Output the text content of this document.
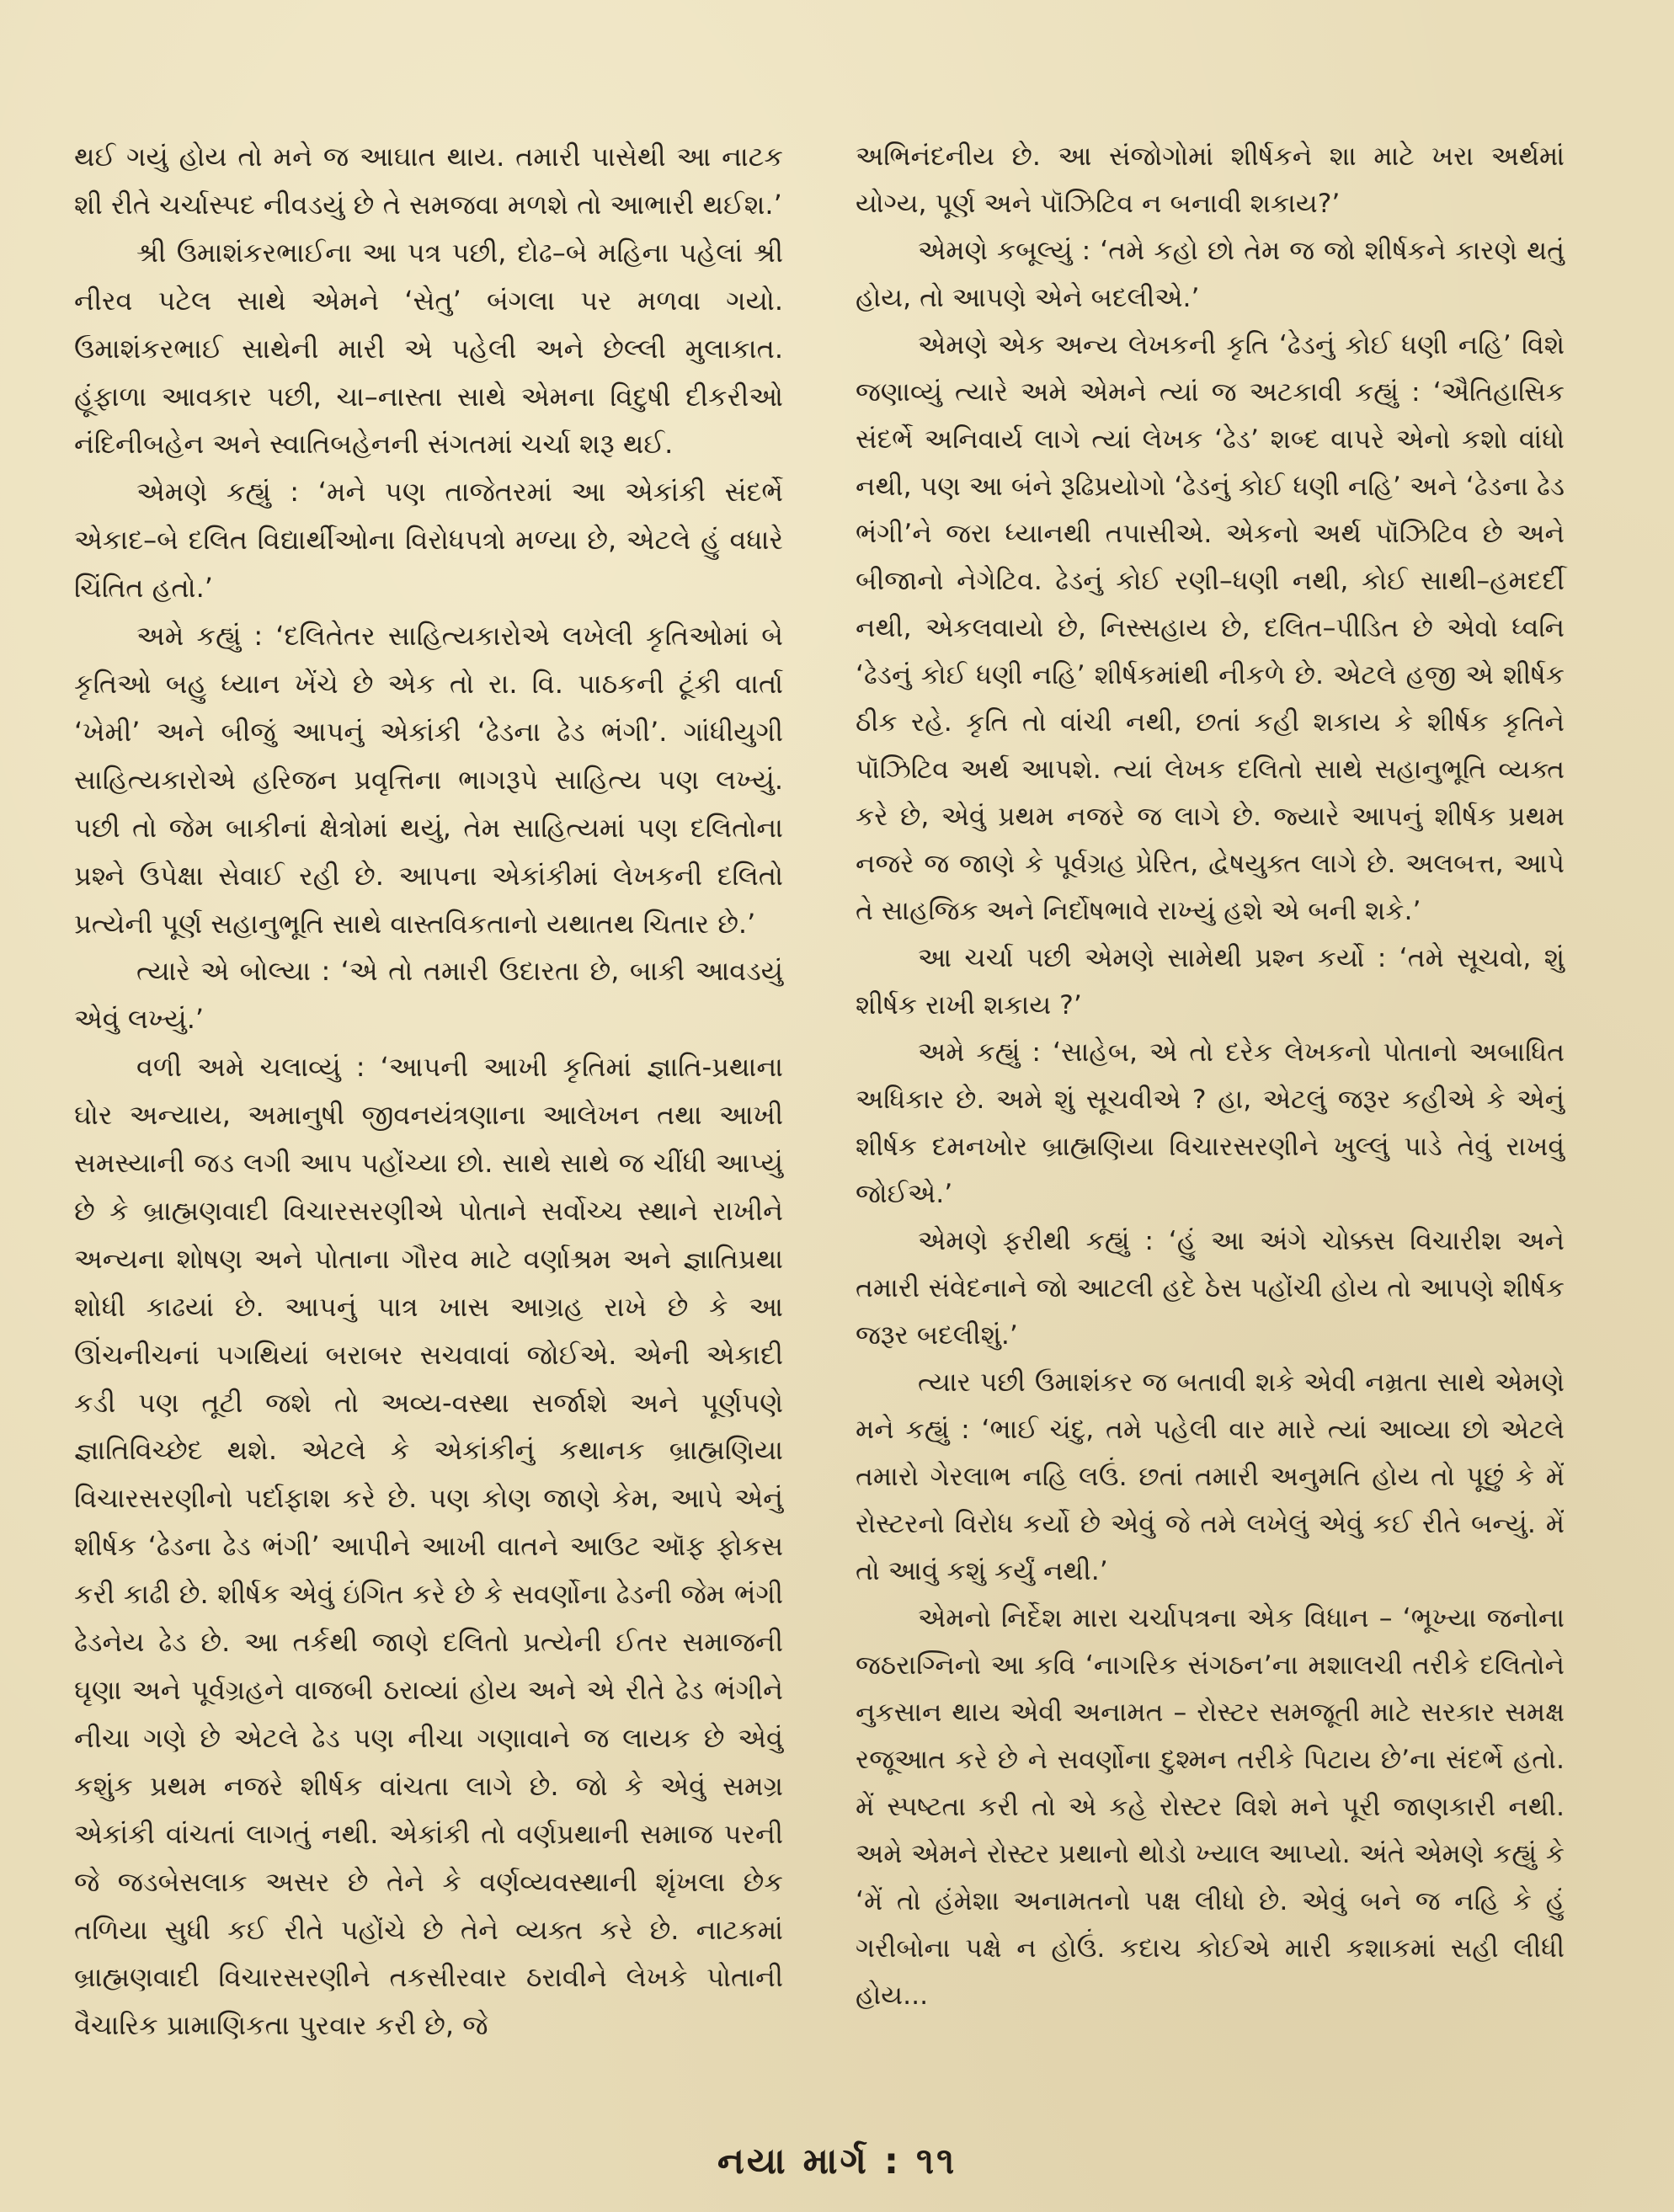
થઈ ગયું હોય તો મને જ આઘાત થાય. તમારી પાસેથી આ નાટક શી રીતે ચર્ચાસ્પદ નીવડયું છે તે સમજવા મળશે તો આભારી થઈશ.’

શ્રી ઉમાશંકરભાઈના આ પત્ર પછી, દોઢ–બે મહિના પહેલાં શ્રી નીરવ પટેલ સાથે એમને ‘સેતુ’ બંગલા પર મળવા ગયો. ઉમાશંકરભાઈ સાથેની મારી એ પહેલી અને છેલ્લી મુલાકાત. હૂંફાળા આવકાર પછી, ચા–નાસ્તા સાથે એમના વિદુષી દીકરીઓ નંદિનીબહેન અને સ્વાતિબહેનની સંગતમાં ચર્ચા શરૂ થઈ.

એમણે કહ્યું : ‘મને પણ તાજેતરમાં આ એકાંકી સંદર્ભે એકાદ–બે દલિત વિદ્યાર્થીઓના વિરોધપત્રો મળ્યા છે, એટલે હું વધારે ચિંતિત હતો.’

અમે કહ્યું : ‘દલિતેતર સાહિત્યકારોએ લખેલી કૃતિઓમાં બે કૃતિઓ બહુ ધ્યાન ખેંચે છે એક તો રા. વિ. પાઠકની ટૂંકી વાર્તા ‘ખેમી’ અને બીજું આપનું એકાંકી ‘ઢેડના ઢેડ ભંગી’. ગાંધીયુગી સાહિત્યકારોએ હરિજન પ્રવૃત્તિના ભાગરૂપે સાહિત્ય પણ લખ્યું. પછી તો જેમ બાકીનાં ક્ષેત્રોમાં થયું, તેમ સાહિત્યમાં પણ દલિતોના પ્રશ્ને ઉપેક્ષા સેવાઈ રહી છે. આપના એકાંકીમાં લેખકની દલિતો પ્રત્યેની પૂર્ણ સહાનુભૂતિ સાથે વાસ્તવિકતાનો યથાતથ ચિતાર છે.’

ત્યારે એ બોલ્યા : ‘એ તો તમારી ઉદારતા છે, બાકી આવડયું એવું લખ્યું.’

વળી અમે ચલાવ્યું : ‘આપની આખી કૃતિમાં જ્ઞાતિ-પ્રથાના ઘોર અન્યાય, અમાનુષી જીવનયંત્રણાના આલેખન તથા આખી સમસ્યાની જડ લગી આપ પહોંચ્યા છો. સાથે સાથે જ ચીંધી આપ્યું છે કે બ્રાહ્મણવાદી વિચારસરણીએ પોતાને સર્વોચ્ચ સ્થાને રાખીને અન્યના શોષણ અને પોતાના ગૌરવ માટે વર્ણાશ્રમ અને જ્ઞાતિપ્રથા શોધી કાઢયાં છે. આપનું પાત્ર ખાસ આગ્રહ રાખે છે કે આ ઊંચનીચનાં પગથિયાં બરાબર સચવાવાં જોઈએ. એની એકાદી કડી પણ તૂટી જશે તો અવ્ય-વસ્થા સર્જાશે અને પૂર્ણપણે જ્ઞાતિવિચ્છેદ થશે. એટલે કે એકાંકીનું કથાનક બ્રાહ્મણિયા વિચારસરણીનો પર્દાફાશ કરે છે. પણ કોણ જાણે કેમ, આપે એનું શીર્ષક ‘ઢેડના ઢેડ ભંગી’ આપીને આખી વાતને આઉટ ઑફ ફોકસ કરી કાઢી છે. શીર્ષક એવું ઇંગિત કરે છે કે સવર્ણોના ઢેડની જેમ ભંગી ઢેડનેય ઢેડ છે. આ તર્કથી જાણે દલિતો પ્રત્યેની ઈતર સમાજની ઘૃણા અને પૂર્વગ્રહને વાજબી ઠરાવ્યાં હોય અને એ રીતે ઢેડ ભંગીને નીચા ગણે છે એટલે ઢેડ પણ નીચા ગણાવાને જ લાયક છે એવું કશુંક પ્રથમ નજરે શીર્ષક વાંચતા લાગે છે. જો કે એવું સમગ્ર એકાંકી વાંચતાં લાગતું નથી. એકાંકી તો વર્ણપ્રથાની સમાજ પરની જે જડબેસલાક અસર છે તેને કે વર્ણવ્યવસ્થાની શૃંખલા છેક તળિયા સુધી કઈ રીતે પહોંચે છે તેને વ્યક્ત કરે છે. નાટકમાં બ્રાહ્મણવાદી વિચારસરણીને તકસીરવાર ઠરાવીને લેખકે પોતાની વૈચારિક પ્રામાણિકતા પુરવાર કરી છે, જે

અભિનંદનીય છે. આ સંજોગોમાં શીર્ષકને શા માટે ખરા અર્થમાં યોગ્ય, પૂર્ણ અને પૉઝિટિવ ન બનાવી શકાય?’

એમણે કબૂલ્યું : ‘તમે કહો છો તેમ જ જો શીર્ષકને કારણે થતું હોય, તો આપણે એને બદલીએ.’

એમણે એક અન્ય લેખકની કૃતિ ‘ઢેડનું કોઈ ધણી નહિ’ વિશે જણાવ્યું ત્યારે અમે એમને ત્યાં જ અટકાવી કહ્યું : ‘ઐતિહાસિક સંદર્ભે અનિવાર્ય લાગે ત્યાં લેખક ‘ઢેડ’ શબ્દ વાપરે એનો કશો વાંધો નથી, પણ આ બંને રૂઢિપ્રયોગો ‘ઢેડનું કોઈ ધણી નહિ’ અને ‘ઢેડના ઢેડ ભંગી’ને જરા ધ્યાનથી તપાસીએ. એકનો અર્થ પૉઝિટિવ છે અને બીજાનો નેગેટિવ. ઢેડનું કોઈ રણી–ધણી નથી, કોઈ સાથી–હમદર્દી નથી, એકલવાયો છે, નિસ્સહાય છે, દલિત–પીડિત છે એવો ધ્વનિ ‘ઢેડનું કોઈ ધણી નહિ’ શીર્ષકમાંથી નીકળે છે. એટલે હજી એ શીર્ષક ઠીક રહે. કૃતિ તો વાંચી નથી, છતાં કહી શકાય કે શીર્ષક કૃતિને પૉઝિટિવ અર્થ આપશે. ત્યાં લેખક દલિતો સાથે સહાનુભૂતિ વ્યક્ત કરે છે, એવું પ્રથમ નજરે જ લાગે છે. જ્યારે આપનું શીર્ષક પ્રથમ નજરે જ જાણે કે પૂર્વગ્રહ પ્રેરિત, દ્વેષયુક્ત લાગે છે. અલબત્ત, આપે તે સાહજિક અને નિર્દોષભાવે રાખ્યું હશે એ બની શકે.’

આ ચર્ચા પછી એમણે સામેથી પ્રશ્ન કર્યો : ‘તમે સૂચવો, શું શીર્ષક રાખી શકાય ?’

અમે કહ્યું : ‘સાહેબ, એ તો દરેક લેખકનો પોતાનો અબાધિત અધિકાર છે. અમે શું સૂચવીએ ? હા, એટલું જરૂર કહીએ કે એનું શીર્ષક દમનખોર બ્રાહ્મણિયા વિચારસરણીને ખુલ્લું પાડે તેવું રાખવું જોઈએ.’

એમણે ફરીથી કહ્યું : ‘હું આ અંગે ચોક્કસ વિચારીશ અને તમારી સંવેદનાને જો આટલી હદે ઠેસ પહોંચી હોય તો આપણે શીર્ષક જરૂર બદલીશું.’

ત્યાર પછી ઉમાશંકર જ બતાવી શકે એવી નમ્રતા સાથે એમણે મને કહ્યું : ‘ભાઈ ચંદુ, તમે પહેલી વાર મારે ત્યાં આવ્યા છો એટલે તમારો ગેરલાભ નહિ લઉં. છતાં તમારી અનુમતિ હોય તો પૂછું કે મેં રોસ્ટરનો વિરોધ કર્યો છે એવું જે તમે લખેલું એવું કઈ રીતે બન્યું. મેં તો આવું કશું કર્યું નથી.’

એમનો નિર્દેશ મારા ચર્ચાપત્રના એક વિધાન – ‘ભૂખ્યા જનોના જઠરાગ્નિનો આ કવિ ‘નાગરિક સંગઠન’ના મશાલચી તરીકે દલિતોને નુકસાન થાય એવી અનામત – રોસ્ટર સમજૂતી માટે સરકાર સમક્ષ રજૂઆત કરે છે ને સવર્ણોના દુશ્મન તરીકે પિટાય છે’ના સંદર્ભે હતો. મેં સ્પષ્ટતા કરી તો એ કહે રોસ્ટર વિશે મને પૂરી જાણકારી નથી. અમે એમને રોસ્ટર પ્રથાનો થોડો ખ્યાલ આપ્યો. અંતે એમણે કહ્યું કે ‘મેં તો હંમેશા અનામતનો પક્ષ લીધો છે. એવું બને જ નહિ કે હું ગરીબોના પક્ષે ન હોઉં. કદાચ કોઈએ મારી કશાકમાં સહી લીધી હોય...

નયા માર્ગ : ૧૧
